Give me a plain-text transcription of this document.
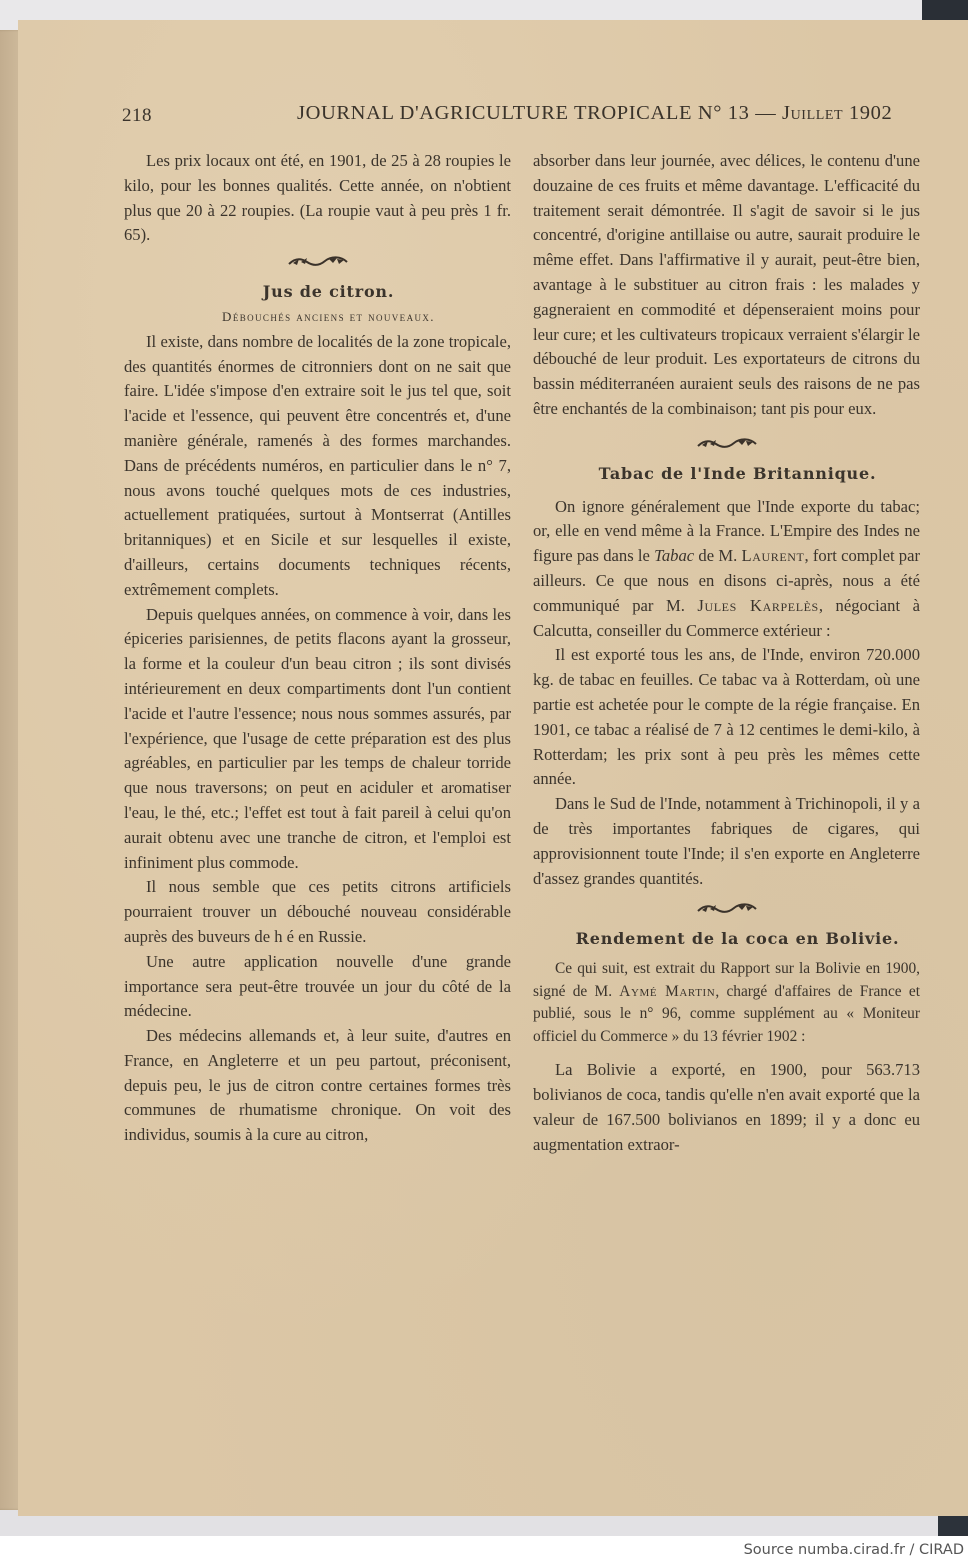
218	JOURNAL D'AGRICULTURE TROPICALE N° 13 — Juillet 1902

Les prix locaux ont été, en 1901, de 25 à 28 roupies le kilo, pour les bonnes qualités. Cette année, on n'obtient plus que 20 à 22 roupies. (La roupie vaut à peu près 1 fr. 65).

Jus de citron.

Débouchés anciens et nouveaux.

Il existe, dans nombre de localités de la zone tropicale, des quantités énormes de citronniers dont on ne sait que faire. L'idée s'impose d'en extraire soit le jus tel que, soit l'acide et l'essence, qui peuvent être concentrés et, d'une manière générale, ramenés à des formes marchandes. Dans de précédents numéros, en particulier dans le n° 7, nous avons touché quelques mots de ces industries, actuellement pratiquées, surtout à Montserrat (Antilles britanniques) et en Sicile et sur lesquelles il existe, d'ailleurs, certains documents techniques récents, extrêmement complets.

Depuis quelques années, on commence à voir, dans les épiceries parisiennes, de petits flacons ayant la grosseur, la forme et la couleur d'un beau citron ; ils sont divisés intérieurement en deux compartiments dont l'un contient l'acide et l'autre l'essence; nous nous sommes assurés, par l'expérience, que l'usage de cette préparation est des plus agréables, en particulier par les temps de chaleur torride que nous traversons; on peut en aciduler et aromatiser l'eau, le thé, etc.; l'effet est tout à fait pareil à celui qu'on aurait obtenu avec une tranche de citron, et l'emploi est infiniment plus commode.

Il nous semble que ces petits citrons artificiels pourraient trouver un débouché nouveau considérable auprès des buveurs de h é en Russie.

Une autre application nouvelle d'une grande importance sera peut-être trouvée un jour du côté de la médecine.

Des médecins allemands et, à leur suite, d'autres en France, en Angleterre et un peu partout, préconisent, depuis peu, le jus de citron contre certaines formes très communes de rhumatisme chronique. On voit des individus, soumis à la cure au citron,

absorber dans leur journée, avec délices, le contenu d'une douzaine de ces fruits et même davantage. L'efficacité du traitement serait démontrée. Il s'agit de savoir si le jus concentré, d'origine antillaise ou autre, saurait produire le même effet. Dans l'affirmative il y aurait, peut-être bien, avantage à le substituer au citron frais : les malades y gagneraient en commodité et dépenseraient moins pour leur cure; et les cultivateurs tropicaux verraient s'élargir le débouché de leur produit. Les exportateurs de citrons du bassin méditerranéen auraient seuls des raisons de ne pas être enchantés de la combinaison; tant pis pour eux.

Tabac de l'Inde Britannique.

On ignore généralement que l'Inde exporte du tabac; or, elle en vend même à la France. L'Empire des Indes ne figure pas dans le Tabac de M. Laurent, fort complet par ailleurs. Ce que nous en disons ci-après, nous a été communiqué par M. Jules Karpelès, négociant à Calcutta, conseiller du Commerce extérieur :

Il est exporté tous les ans, de l'Inde, environ 720.000 kg. de tabac en feuilles. Ce tabac va à Rotterdam, où une partie est achetée pour le compte de la régie française. En 1901, ce tabac a réalisé de 7 à 12 centimes le demi-kilo, à Rotterdam; les prix sont à peu près les mêmes cette année.

Dans le Sud de l'Inde, notamment à Trichinopoli, il y a de très importantes fabriques de cigares, qui approvisionnent toute l'Inde; il s'en exporte en Angleterre d'assez grandes quantités.

Rendement de la coca en Bolivie.

Ce qui suit, est extrait du Rapport sur la Bolivie en 1900, signé de M. Aymé Martin, chargé d'affaires de France et publié, sous le n° 96, comme supplément au « Moniteur officiel du Commerce » du 13 février 1902 :

La Bolivie a exporté, en 1900, pour 563.713 bolivianos de coca, tandis qu'elle n'en avait exporté que la valeur de 167.500 bolivianos en 1899; il y a donc eu augmentation extraor-

Source numba.cirad.fr / CIRAD
